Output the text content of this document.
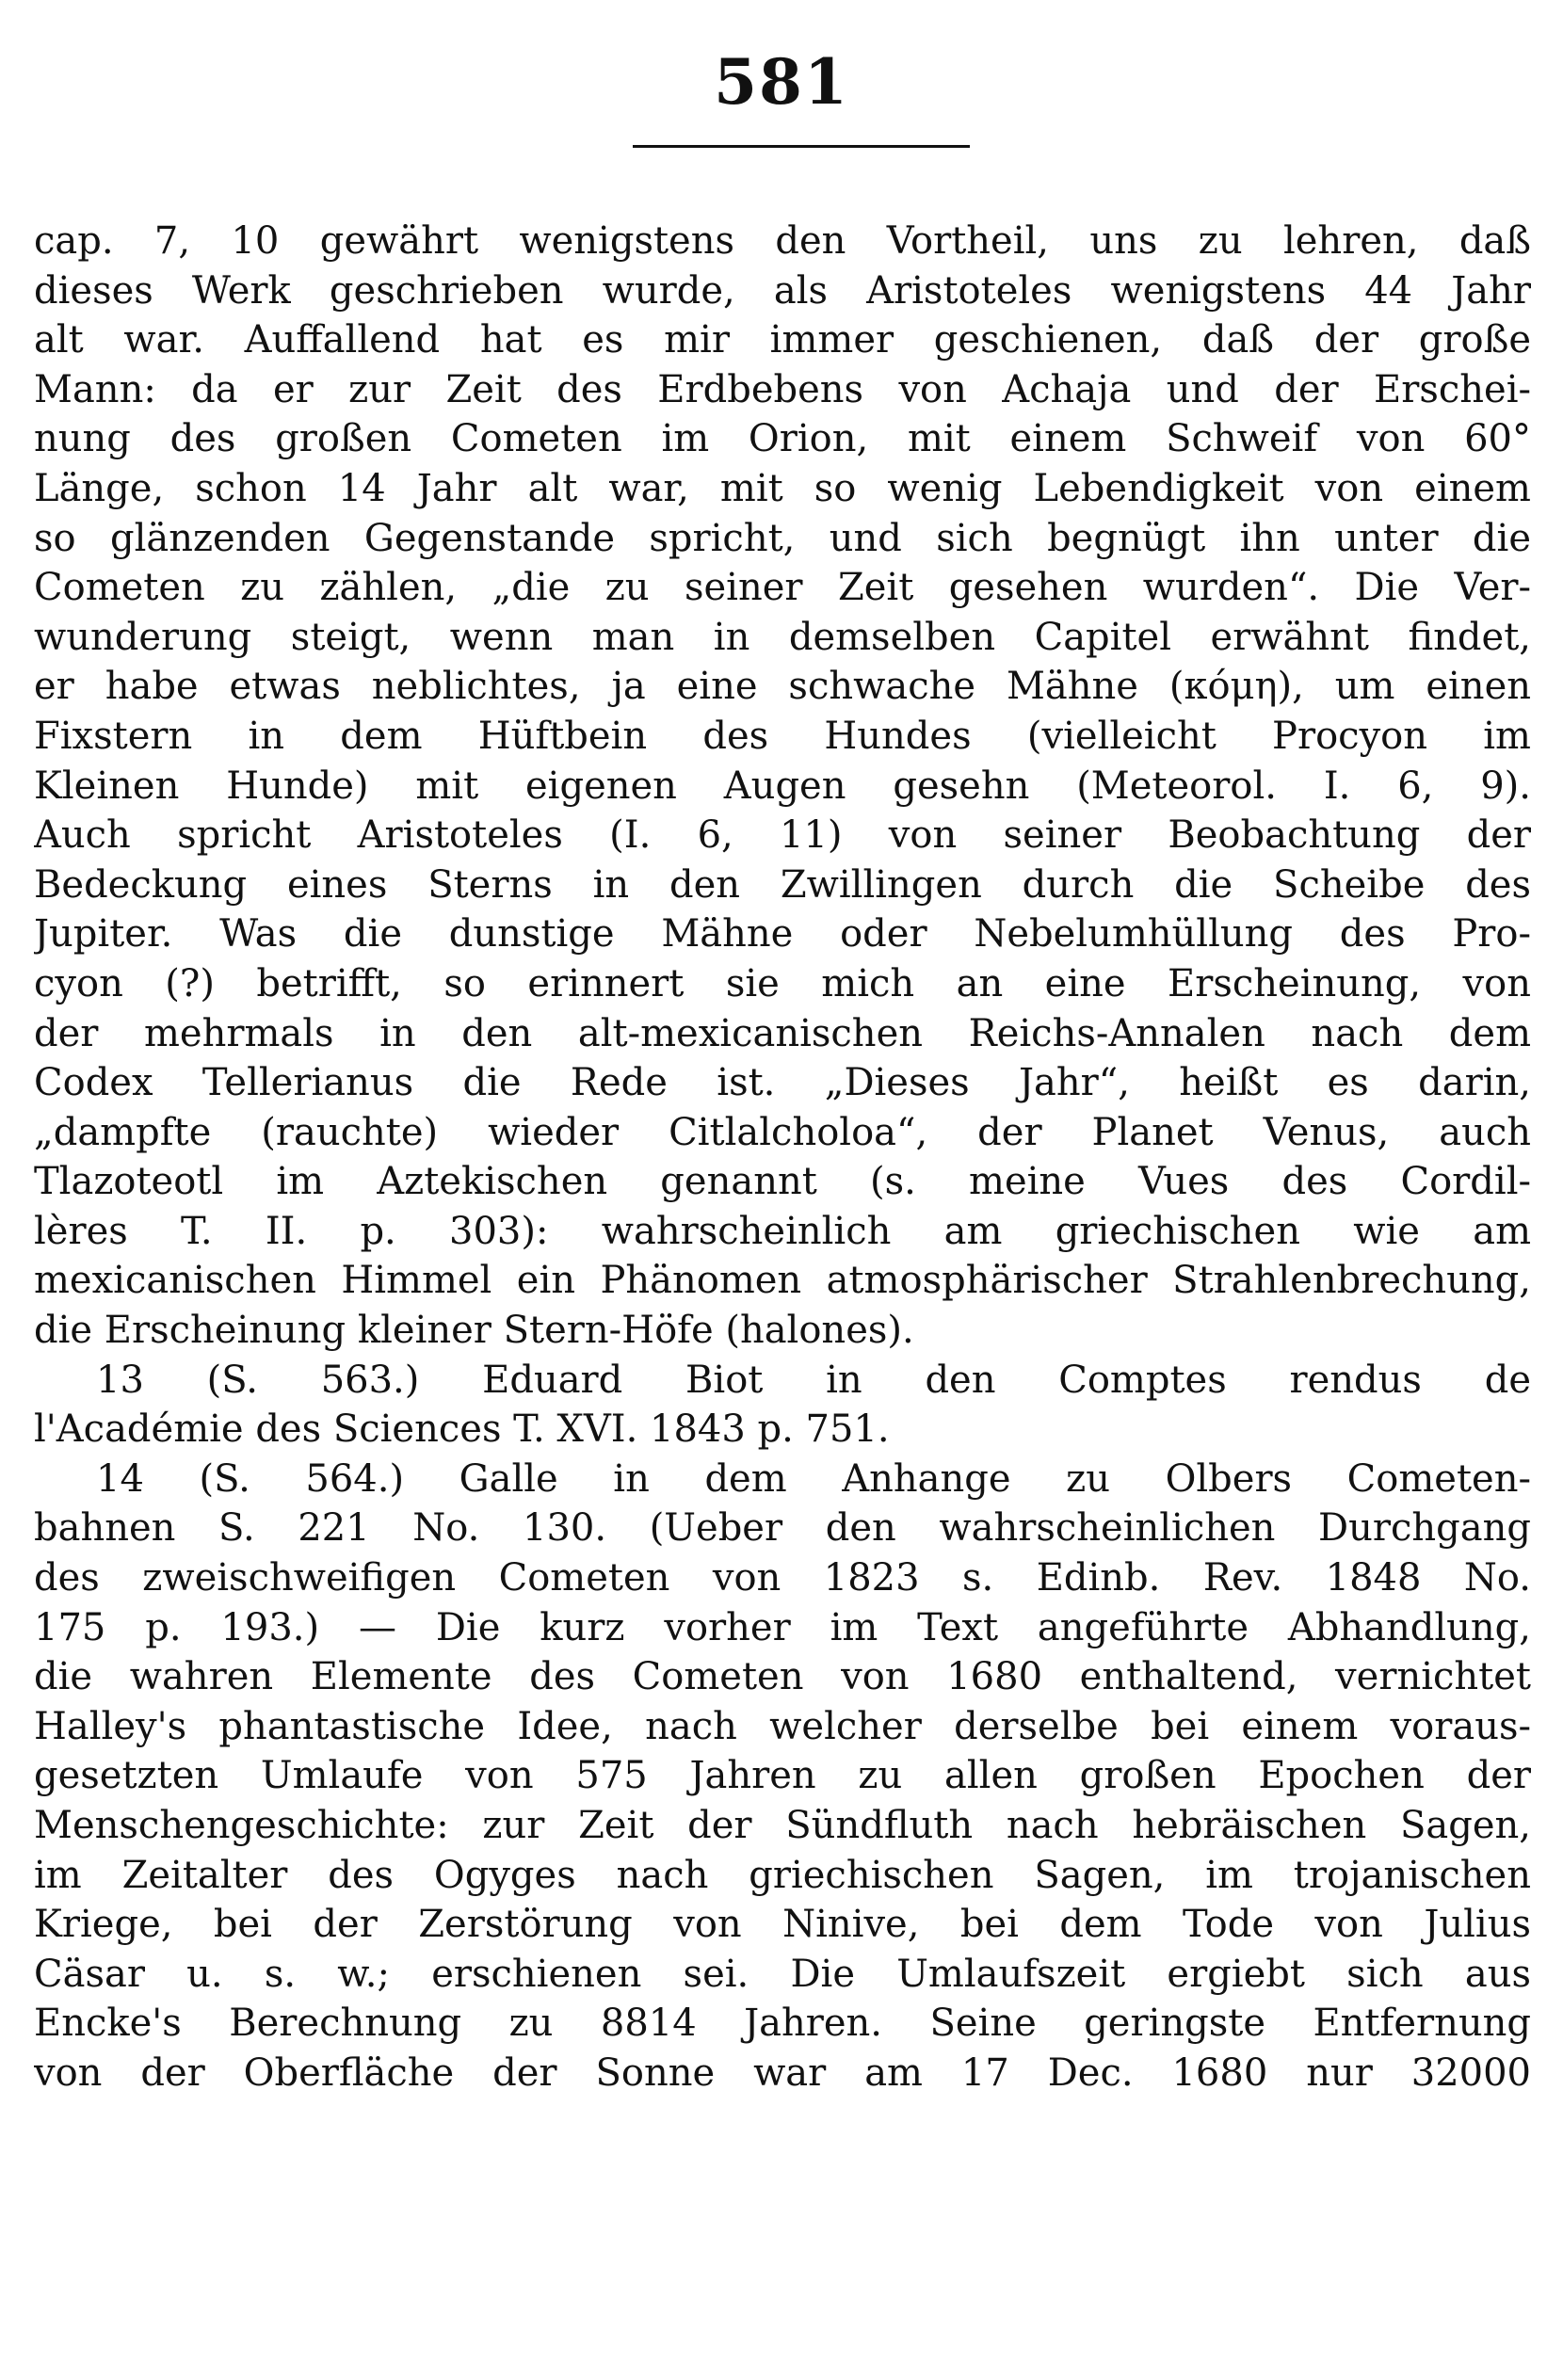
581
cap. 7, 10 gewährt wenigstens den Vortheil, uns zu lehren, daß
dieses Werk geschrieben wurde, als Aristoteles wenigstens 44 Jahr
alt war. Auffallend hat es mir immer geschienen, daß der große
Mann: da er zur Zeit des Erdbebens von Achaja und der Erschei-
nung des großen Cometen im Orion, mit einem Schweif von 60°
Länge, schon 14 Jahr alt war, mit so wenig Lebendigkeit von einem
so glänzenden Gegenstande spricht, und sich begnügt ihn unter die
Cometen zu zählen, „die zu seiner Zeit gesehen wurden“. Die Ver-
wunderung steigt, wenn man in demselben Capitel erwähnt findet,
er habe etwas neblichtes, ja eine schwache Mähne (κόμη), um einen
Fixstern in dem Hüftbein des Hundes (vielleicht Procyon im
Kleinen Hunde) mit eigenen Augen gesehn (Meteorol. I. 6, 9).
Auch spricht Aristoteles (I. 6, 11) von seiner Beobachtung der
Bedeckung eines Sterns in den Zwillingen durch die Scheibe des
Jupiter. Was die dunstige Mähne oder Nebelumhüllung des Pro-
cyon (?) betrifft, so erinnert sie mich an eine Erscheinung, von
der mehrmals in den alt-mexicanischen Reichs-Annalen nach dem
Codex Tellerianus die Rede ist. „Dieses Jahr“, heißt es darin,
„dampfte (rauchte) wieder Citlalcholoa“, der Planet Venus, auch
Tlazoteotl im Aztekischen genannt (s. meine Vues des Cordil-
lères T. II. p. 303): wahrscheinlich am griechischen wie am
mexicanischen Himmel ein Phänomen atmosphärischer Strahlenbrechung,
die Erscheinung kleiner Stern-Höfe (halones).
13 (S. 563.) Eduard Biot in den Comptes rendus de
l'Académie des Sciences T. XVI. 1843 p. 751.
14 (S. 564.) Galle in dem Anhange zu Olbers Cometen-
bahnen S. 221 No. 130. (Ueber den wahrscheinlichen Durchgang
des zweischweifigen Cometen von 1823 s. Edinb. Rev. 1848 No.
175 p. 193.) — Die kurz vorher im Text angeführte Abhandlung,
die wahren Elemente des Cometen von 1680 enthaltend, vernichtet
Halley's phantastische Idee, nach welcher derselbe bei einem voraus-
gesetzten Umlaufe von 575 Jahren zu allen großen Epochen der
Menschengeschichte: zur Zeit der Sündfluth nach hebräischen Sagen,
im Zeitalter des Ogyges nach griechischen Sagen, im trojanischen
Kriege, bei der Zerstörung von Ninive, bei dem Tode von Julius
Cäsar u. s. w.; erschienen sei. Die Umlaufszeit ergiebt sich aus
Encke's Berechnung zu 8814 Jahren. Seine geringste Entfernung
von der Oberfläche der Sonne war am 17 Dec. 1680 nur 32000
